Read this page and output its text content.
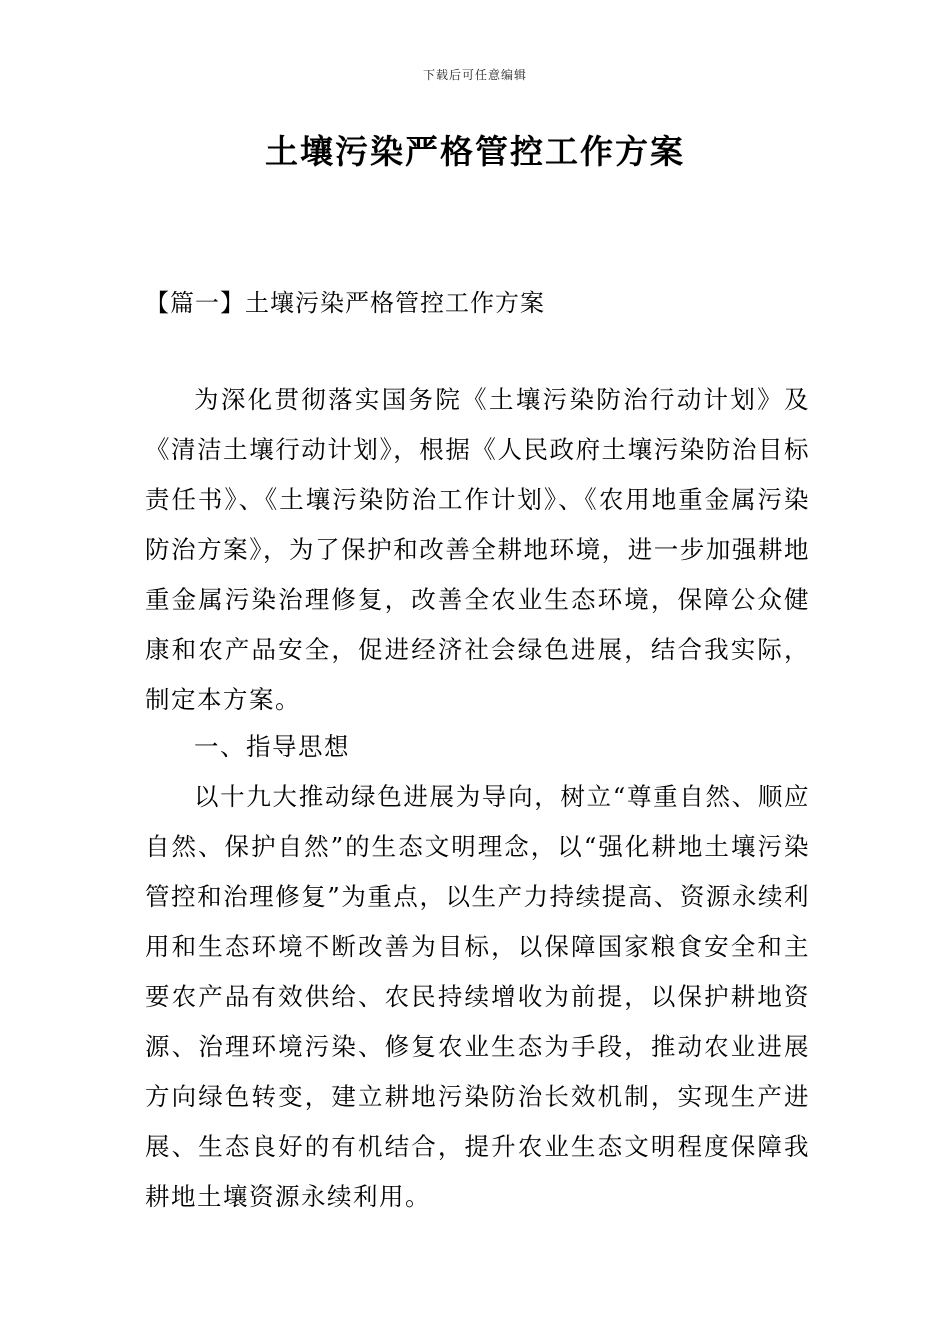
下载后可任意编辑
土壤污染严格管控工作方案
【篇一】土壤污染严格管控工作方案

为深化贯彻落实国务院《土壤污染防治行动计划》及《清洁土壤行动计划》，根据《人民政府土壤污染防治目标责任书》、《土壤污染防治工作计划》、《农用地重金属污染防治方案》，为了保护和改善全耕地环境，进一步加强耕地重金属污染治理修复，改善全农业生态环境，保障公众健康和农产品安全，促进经济社会绿色进展，结合我实际，制定本方案。

一、指导思想

以十九大推动绿色进展为导向，树立“尊重自然、顺应自然、保护自然”的生态文明理念，以“强化耕地土壤污染管控和治理修复”为重点，以生产力持续提高、资源永续利用和生态环境不断改善为目标，以保障国家粮食安全和主要农产品有效供给、农民持续增收为前提，以保护耕地资源、治理环境污染、修复农业生态为手段，推动农业进展方向绿色转变，建立耕地污染防治长效机制，实现生产进展、生态良好的有机结合，提升农业生态文明程度保障我耕地土壤资源永续利用。
